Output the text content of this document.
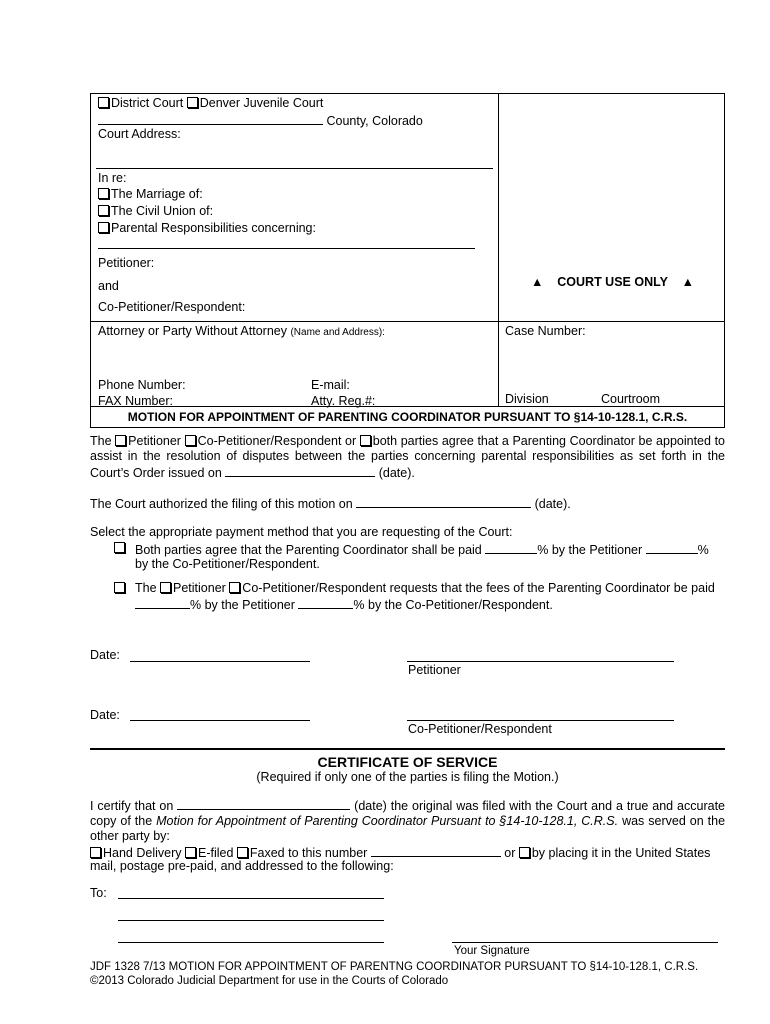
District Court Denver Juvenile Court
County, Colorado
Court Address:
In re:
The Marriage of:
The Civil Union of:
Parental Responsibilities concerning:
Petitioner:
and
Co-Petitioner/Respondent:
▲    COURT USE ONLY    ▲
Attorney or Party Without Attorney (Name and Address):	Case Number:
Phone Number:	E-mail:
FAX Number:	Atty. Reg.#:	Division	Courtroom
MOTION FOR APPOINTMENT OF PARENTING COORDINATOR PURSUANT TO §14-10-128.1, C.R.S.
The Petitioner Co-Petitioner/Respondent or both parties agree that a Parenting Coordinator be appointed to assist in the resolution of disputes between the parties concerning parental responsibilities as set forth in the Court’s Order issued on	(date).
The Court authorized the filing of this motion on	(date).
Select the appropriate payment method that you are requesting of the Court:
Both parties agree that the Parenting Coordinator shall be paid	% by the Petitioner	%
by the Co-Petitioner/Respondent.
The Petitioner Co-Petitioner/Respondent requests that the fees of the Parenting Coordinator be paid
% by the Petitioner	% by the Co-Petitioner/Respondent.
Date:
Petitioner
Date:
Co-Petitioner/Respondent
CERTIFICATE OF SERVICE
(Required if only one of the parties is filing the Motion.)
I certify that on	(date) the original was filed with the Court and a true and accurate copy of the Motion for Appointment of Parenting Coordinator Pursuant to §14-10-128.1, C.R.S. was served on the other party by:
Hand Delivery E-filed Faxed to this number	or by placing it in the United States
mail, postage pre-paid, and addressed to the following:
To:
Your Signature
JDF 1328 7/13 MOTION FOR APPOINTMENT OF PARENTNG COORDINATOR PURSUANT TO §14-10-128.1, C.R.S.
©2013 Colorado Judicial Department for use in the Courts of Colorado
